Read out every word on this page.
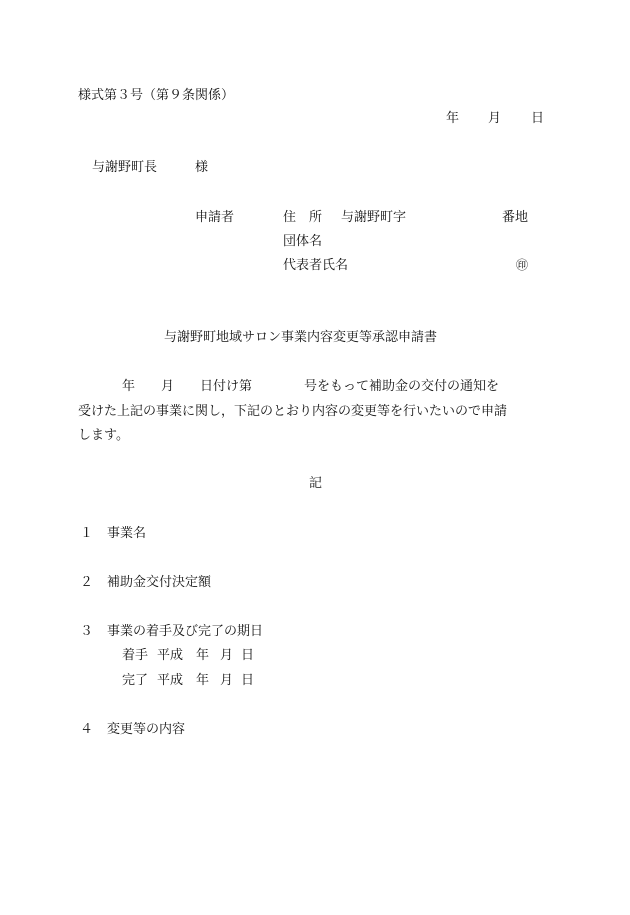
様式第３号（第９条関係）
年 月 日
与謝野町長	様
申請者	住　所 与謝野町字	番地
団体名
代表者氏名	㊞
与謝野町地域サロン事業内容変更等承認申請書
年　　月　　日付け第　　　　号をもって補助金の交付の通知を
受けた上記の事業に関し，下記のとおり内容の変更等を行いたいので申請
します。
記
１ 事業名
２ 補助金交付決定額
３ 事業の着手及び完了の期日
着手 平成 年 月 日
完了 平成 年 月 日
４ 変更等の内容
